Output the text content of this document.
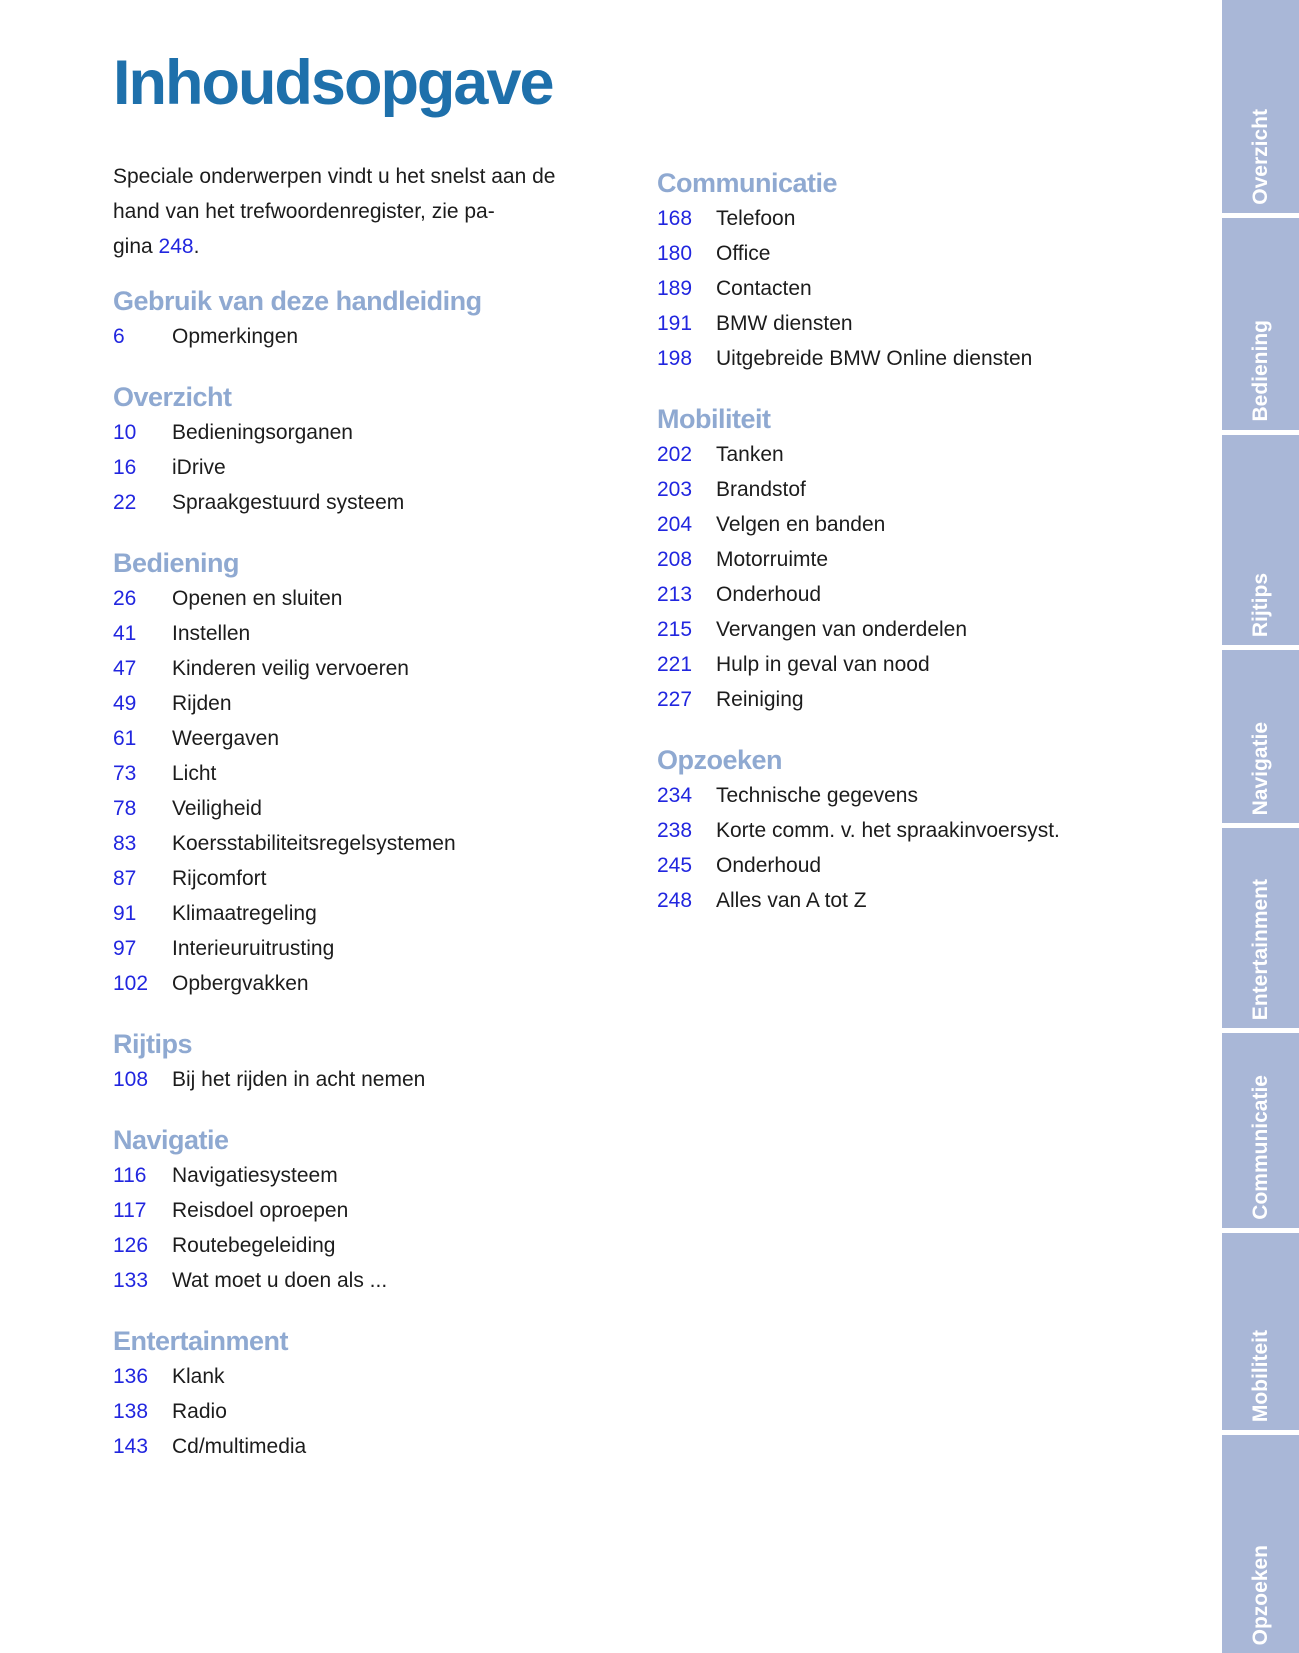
Inhoudsopgave

Speciale onderwerpen vindt u het snelst aan de
hand van het trefwoordenregister, zie pa-
gina 248.

Gebruik van deze handleiding
6 Opmerkingen
Overzicht
10 Bedieningsorganen
16 iDrive
22 Spraakgestuurd systeem
Bediening
26 Openen en sluiten
41 Instellen
47 Kinderen veilig vervoeren
49 Rijden
61 Weergaven
73 Licht
78 Veiligheid
83 Koersstabiliteitsregelsystemen
87 Rijcomfort
91 Klimaatregeling
97 Interieuruitrusting
102 Opbergvakken
Rijtips
108 Bij het rijden in acht nemen
Navigatie
116 Navigatiesysteem
117 Reisdoel oproepen
126 Routebegeleiding
133 Wat moet u doen als ...
Entertainment
136 Klank
138 Radio
143 Cd/multimedia
Communicatie
168 Telefoon
180 Office
189 Contacten
191 BMW diensten
198 Uitgebreide BMW Online diensten
Mobiliteit
202 Tanken
203 Brandstof
204 Velgen en banden
208 Motorruimte
213 Onderhoud
215 Vervangen van onderdelen
221 Hulp in geval van nood
227 Reiniging
Opzoeken
234 Technische gegevens
238 Korte comm. v. het spraakinvoersyst.
245 Onderhoud
248 Alles van A tot Z
Overzicht
Bediening
Rijtips
Navigatie
Entertainment
Communicatie
Mobiliteit
Opzoeken
